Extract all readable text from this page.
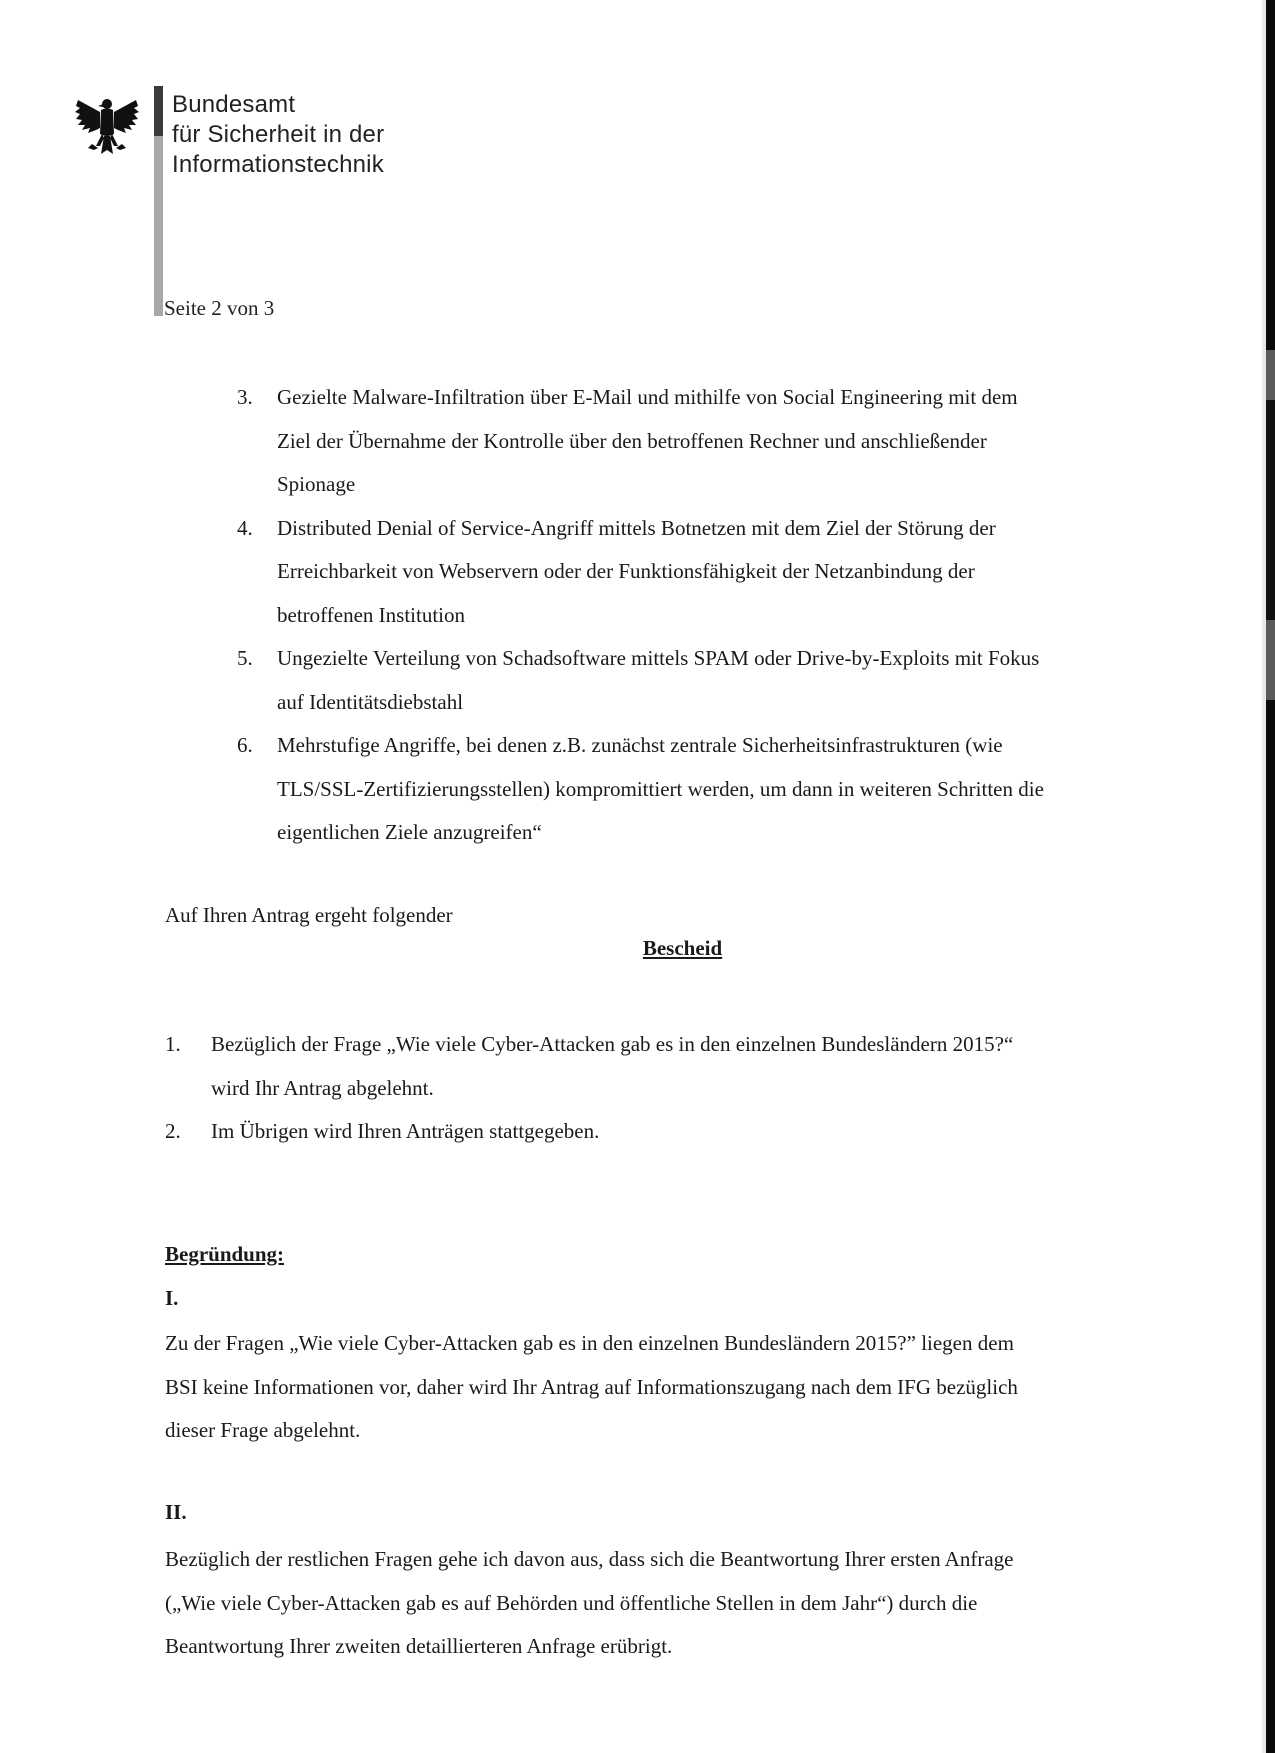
Bundesamt
für Sicherheit in der
Informationstechnik
Seite 2 von 3
3. Gezielte Malware-Infiltration über E-Mail und mithilfe von Social Engineering mit dem
Ziel der Übernahme der Kontrolle über den betroffenen Rechner und anschließender
Spionage
4. Distributed Denial of Service-Angriff mittels Botnetzen mit dem Ziel der Störung der
Erreichbarkeit von Webservern oder der Funktionsfähigkeit der Netzanbindung der
betroffenen Institution
5. Ungezielte Verteilung von Schadsoftware mittels SPAM oder Drive-by-Exploits mit Fokus
auf Identitätsdiebstahl
6. Mehrstufige Angriffe, bei denen z.B. zunächst zentrale Sicherheitsinfrastrukturen (wie
TLS/SSL-Zertifizierungsstellen) kompromittiert werden, um dann in weiteren Schritten die
eigentlichen Ziele anzugreifen“
Auf Ihren Antrag ergeht folgender
Bescheid
1. Bezüglich der Frage „Wie viele Cyber-Attacken gab es in den einzelnen Bundesländern 2015?“
wird Ihr Antrag abgelehnt.
2. Im Übrigen wird Ihren Anträgen stattgegeben.
Begründung:
I.
Zu der Fragen „Wie viele Cyber-Attacken gab es in den einzelnen Bundesländern 2015?” liegen dem
BSI keine Informationen vor, daher wird Ihr Antrag auf Informationszugang nach dem IFG bezüglich
dieser Frage abgelehnt.
II.
Bezüglich der restlichen Fragen gehe ich davon aus, dass sich die Beantwortung Ihrer ersten Anfrage
(„Wie viele Cyber-Attacken gab es auf Behörden und öffentliche Stellen in dem Jahr“) durch die
Beantwortung Ihrer zweiten detaillierteren Anfrage erübrigt.
